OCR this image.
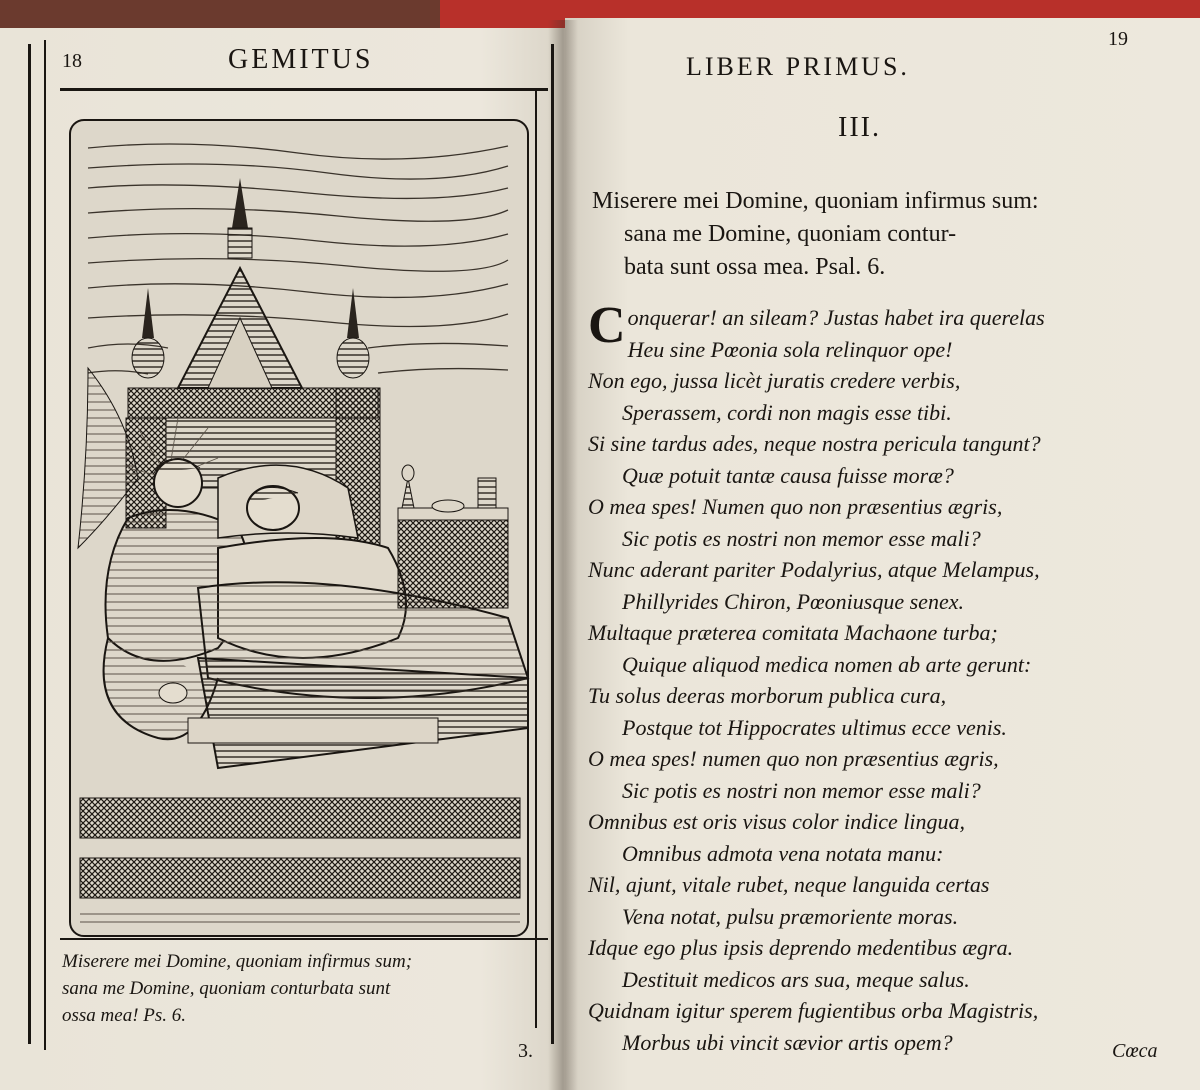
18	GEMITUS
Miserere mei Domine, quoniam infirmus sum;
sana me Domine, quoniam conturbata sunt
ossa mea! Ps. 6.
3.
LIBER PRIMUS.
19
III.
Miserere mei Domine, quoniam infirmus sum:
sana me Domine, quoniam contur-
bata sunt ossa mea. Psal. 6.
C onquerar! an sileam? Justas habet ira querelas
Heu sine Pœonia sola relinquor ope!
Non ego, jussa licèt juratis credere verbis,
Sperassem, cordi non magis esse tibi.
Si sine tardus ades, neque nostra pericula tangunt?
Quæ potuit tantæ causa fuisse moræ?
O mea spes! Numen quo non præsentius ægris,
Sic potis es nostri non memor esse mali?
Nunc aderant pariter Podalyrius, atque Melampus,
Phillyrides Chiron, Pœoniusque senex.
Multaque præterea comitata Machaone turba;
Quique aliquod medica nomen ab arte gerunt:
Tu solus deeras morborum publica cura,
Postque tot Hippocrates ultimus ecce venis.
O mea spes! numen quo non præsentius ægris,
Sic potis es nostri non memor esse mali?
Omnibus est oris visus color indice lingua,
Omnibus admota vena notata manu:
Nil, ajunt, vitale rubet, neque languida certas
Vena notat, pulsu præmoriente moras.
Idque ego plus ipsis deprendo medentibus ægra.
Destituit medicos ars sua, meque salus.
Quidnam igitur sperem fugientibus orba Magistris,
Morbus ubi vincit sævior artis opem?	Cœca
